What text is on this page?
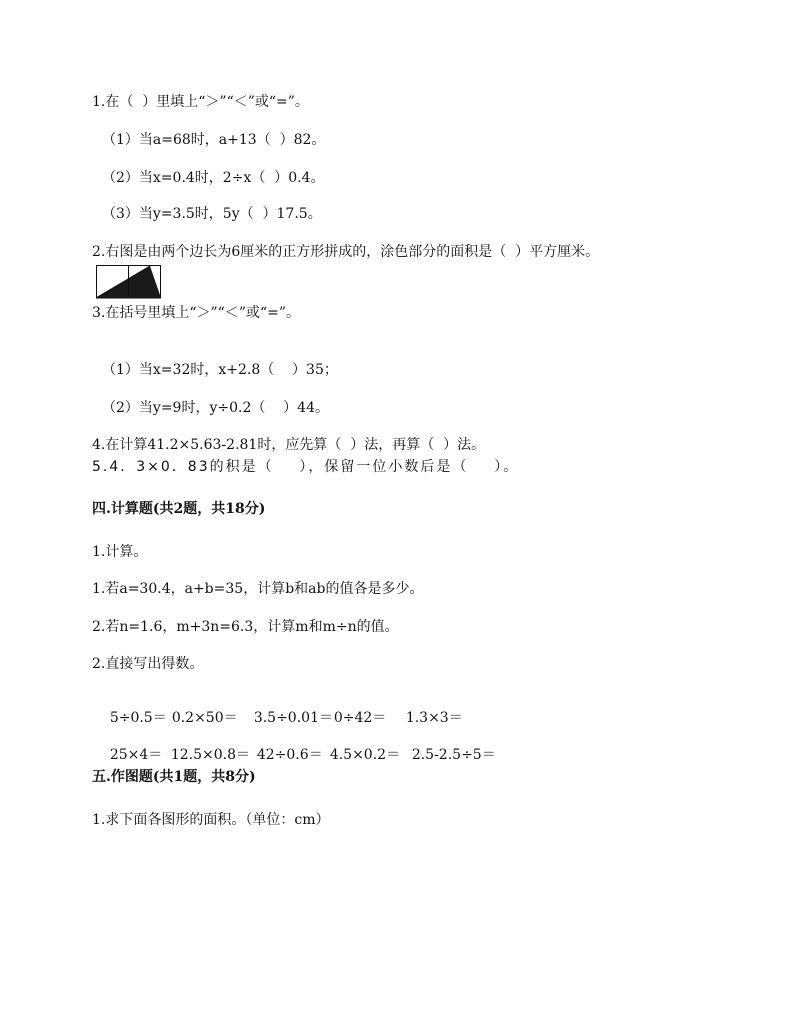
1.在（  ）里填上“＞”“＜”或“=”。
（1）当a=68时，a+13（  ）82。
（2）当x=0.4时，2÷x（  ）0.4。
（3）当y=3.5时，5y（  ）17.5。
2.右图是由两个边长为6厘米的正方形拼成的，涂色部分的面积是（  ）平方厘米。
3.在括号里填上“＞”“＜”或“=”。
（1）当x=32时，x+2.8（    ）35；
（2）当y=9时，y÷0.2（    ）44。
4.在计算41.2×5.63-2.81时，应先算（  ）法，再算（  ）法。
5.4．3×0．83的积是（    ），保留一位小数后是（    ）。
四.计算题(共2题，共18分)
1.计算。
1.若a=30.4，a+b=35，计算b和ab的值各是多少。
2.若n=1.6，m+3n=6.3，计算m和m÷n的值。
2.直接写出得数。

5÷0.5＝ 0.2×50＝ 3.5÷0.01＝0÷42＝ 1.3×3＝

25×4＝ 12.5×0.8＝ 42÷0.6＝ 4.5×0.2＝ 2.5-2.5÷5＝

五.作图题(共1题，共8分)
1.求下面各图形的面积。（单位：cm）
